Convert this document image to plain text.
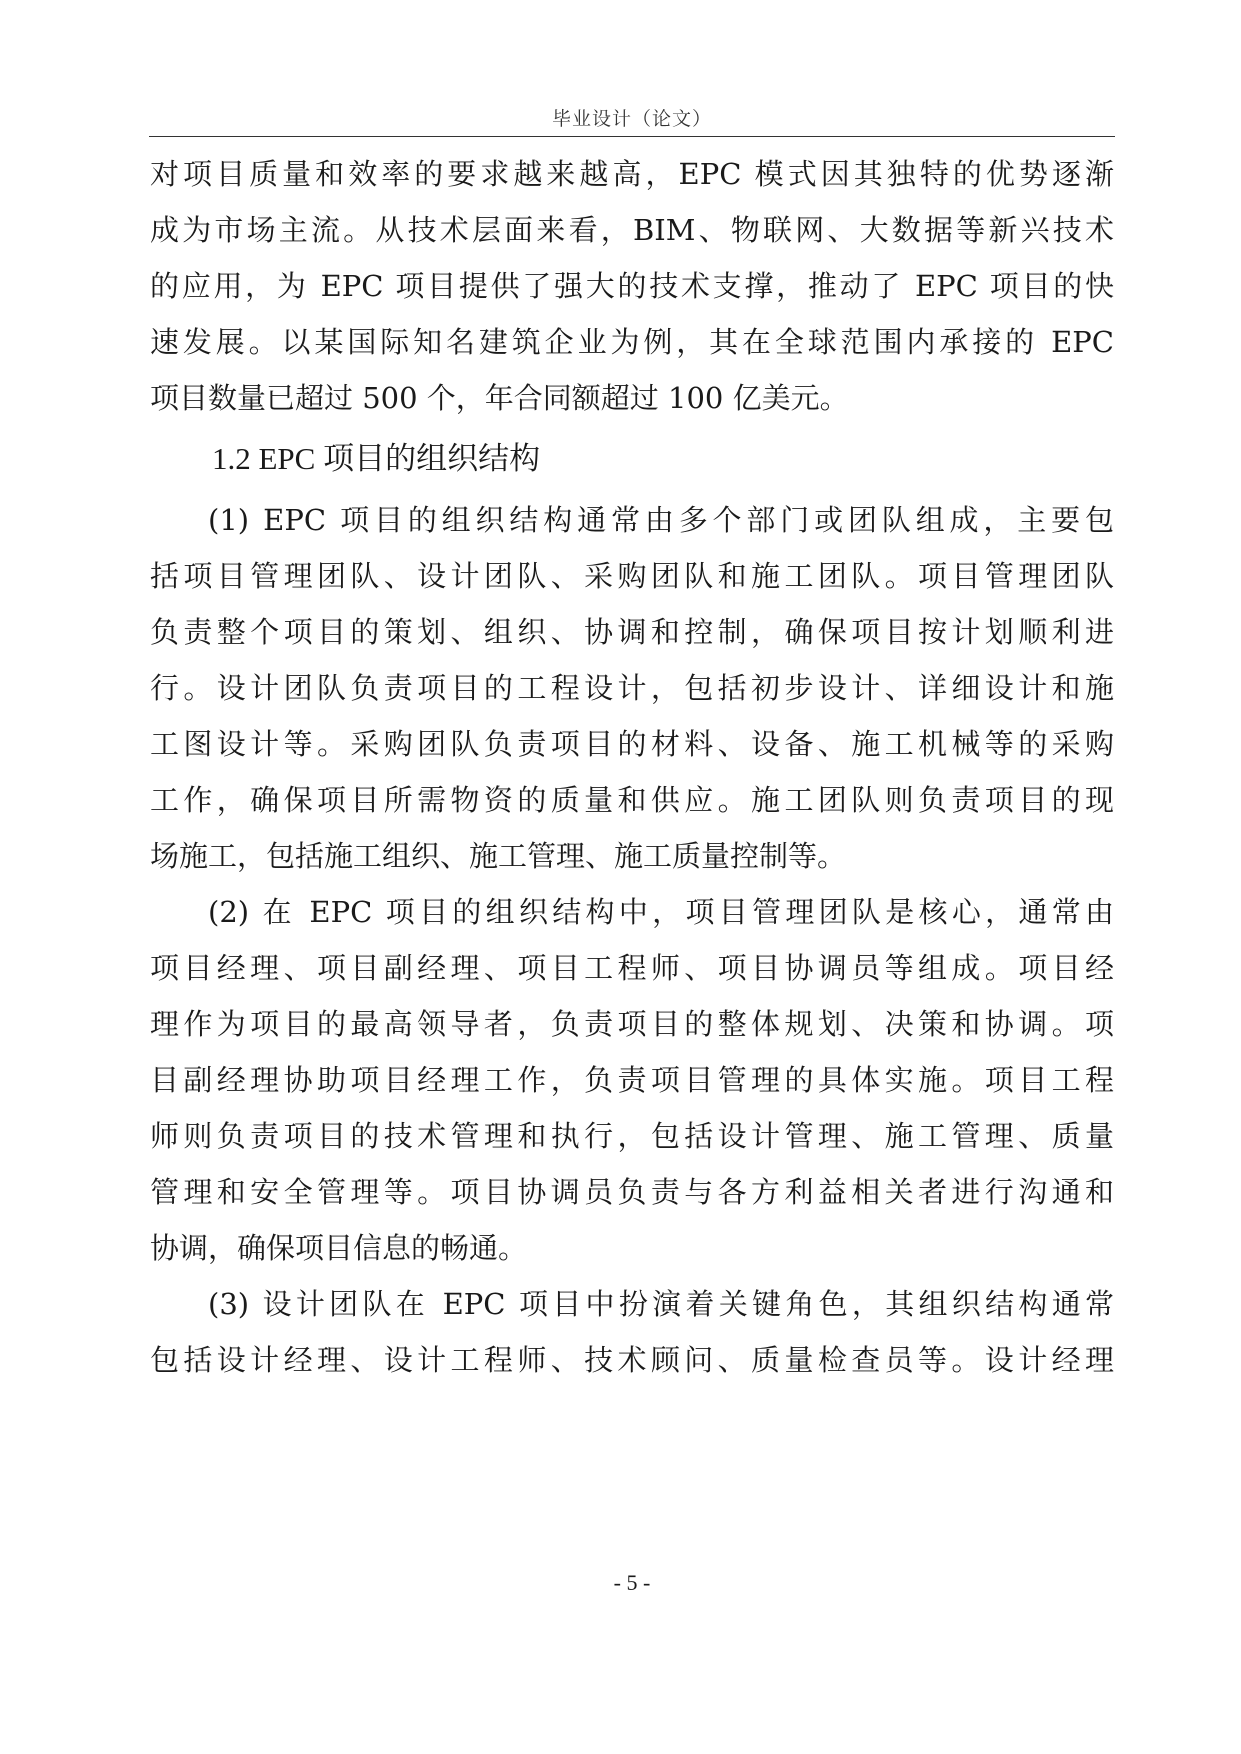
毕业设计（论文）
对项目质量和效率的要求越来越高，EPC 模式因其独特的优势逐渐
成为市场主流。从技术层面来看，BIM、物联网、大数据等新兴技术
的应用，为 EPC 项目提供了强大的技术支撑，推动了 EPC 项目的快
速发展。以某国际知名建筑企业为例，其在全球范围内承接的 EPC
项目数量已超过 500 个，年合同额超过 100 亿美元。
1.2 EPC 项目的组织结构
(1) EPC 项目的组织结构通常由多个部门或团队组成，主要包
括项目管理团队、设计团队、采购团队和施工团队。项目管理团队
负责整个项目的策划、组织、协调和控制，确保项目按计划顺利进
行。设计团队负责项目的工程设计，包括初步设计、详细设计和施
工图设计等。采购团队负责项目的材料、设备、施工机械等的采购
工作，确保项目所需物资的质量和供应。施工团队则负责项目的现
场施工，包括施工组织、施工管理、施工质量控制等。
(2) 在 EPC 项目的组织结构中，项目管理团队是核心，通常由
项目经理、项目副经理、项目工程师、项目协调员等组成。项目经
理作为项目的最高领导者，负责项目的整体规划、决策和协调。项
目副经理协助项目经理工作，负责项目管理的具体实施。项目工程
师则负责项目的技术管理和执行，包括设计管理、施工管理、质量
管理和安全管理等。项目协调员负责与各方利益相关者进行沟通和
协调，确保项目信息的畅通。
(3) 设计团队在 EPC 项目中扮演着关键角色，其组织结构通常
包括设计经理、设计工程师、技术顾问、质量检查员等。设计经理
- 5 -
